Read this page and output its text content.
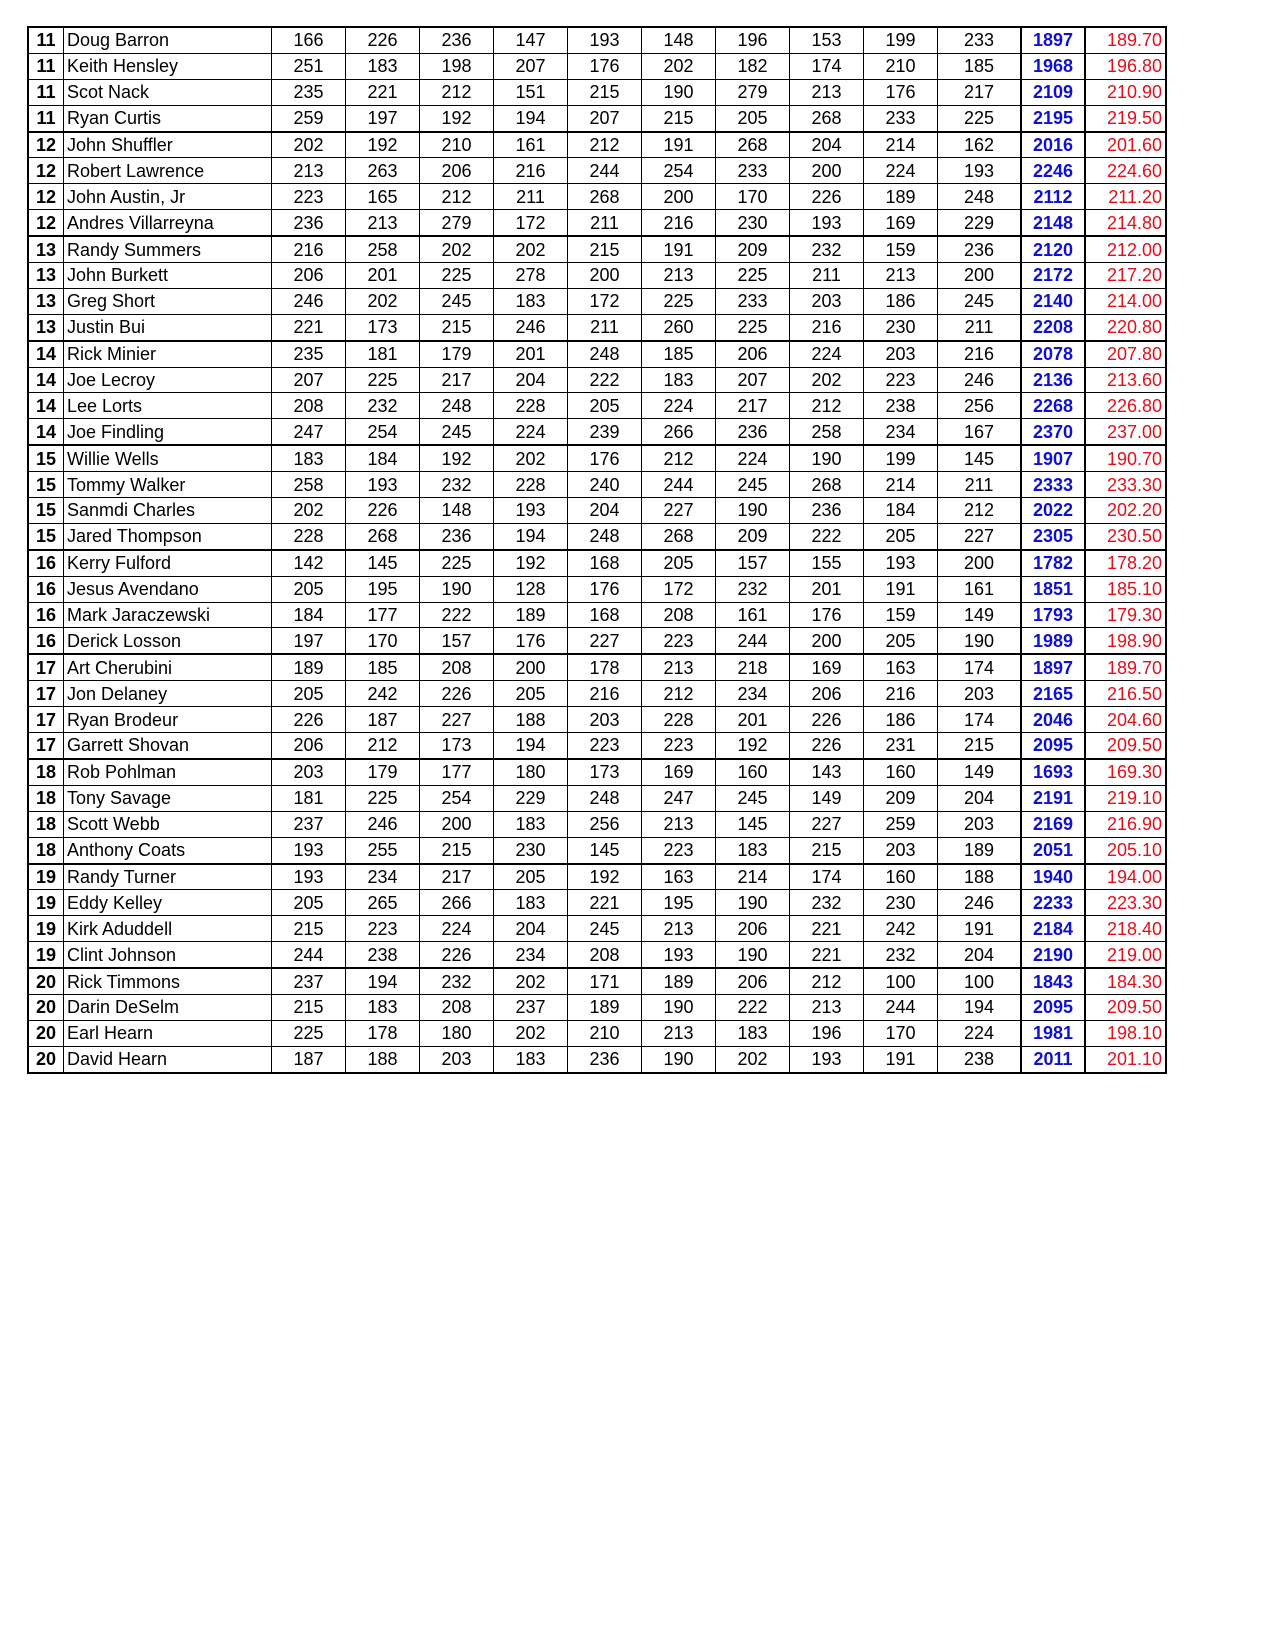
11	Doug Barron	166	226	236	147	193	148	196	153	199	233	1897	189.70
11	Keith Hensley	251	183	198	207	176	202	182	174	210	185	1968	196.80
11	Scot Nack	235	221	212	151	215	190	279	213	176	217	2109	210.90
11	Ryan Curtis	259	197	192	194	207	215	205	268	233	225	2195	219.50
12	John Shuffler	202	192	210	161	212	191	268	204	214	162	2016	201.60
12	Robert Lawrence	213	263	206	216	244	254	233	200	224	193	2246	224.60
12	John Austin, Jr	223	165	212	211	268	200	170	226	189	248	2112	211.20
12	Andres Villarreyna	236	213	279	172	211	216	230	193	169	229	2148	214.80
13	Randy Summers	216	258	202	202	215	191	209	232	159	236	2120	212.00
13	John Burkett	206	201	225	278	200	213	225	211	213	200	2172	217.20
13	Greg Short	246	202	245	183	172	225	233	203	186	245	2140	214.00
13	Justin Bui	221	173	215	246	211	260	225	216	230	211	2208	220.80
14	Rick Minier	235	181	179	201	248	185	206	224	203	216	2078	207.80
14	Joe Lecroy	207	225	217	204	222	183	207	202	223	246	2136	213.60
14	Lee Lorts	208	232	248	228	205	224	217	212	238	256	2268	226.80
14	Joe Findling	247	254	245	224	239	266	236	258	234	167	2370	237.00
15	Willie Wells	183	184	192	202	176	212	224	190	199	145	1907	190.70
15	Tommy Walker	258	193	232	228	240	244	245	268	214	211	2333	233.30
15	Sanmdi Charles	202	226	148	193	204	227	190	236	184	212	2022	202.20
15	Jared Thompson	228	268	236	194	248	268	209	222	205	227	2305	230.50
16	Kerry Fulford	142	145	225	192	168	205	157	155	193	200	1782	178.20
16	Jesus Avendano	205	195	190	128	176	172	232	201	191	161	1851	185.10
16	Mark Jaraczewski	184	177	222	189	168	208	161	176	159	149	1793	179.30
16	Derick Losson	197	170	157	176	227	223	244	200	205	190	1989	198.90
17	Art Cherubini	189	185	208	200	178	213	218	169	163	174	1897	189.70
17	Jon Delaney	205	242	226	205	216	212	234	206	216	203	2165	216.50
17	Ryan Brodeur	226	187	227	188	203	228	201	226	186	174	2046	204.60
17	Garrett Shovan	206	212	173	194	223	223	192	226	231	215	2095	209.50
18	Rob Pohlman	203	179	177	180	173	169	160	143	160	149	1693	169.30
18	Tony Savage	181	225	254	229	248	247	245	149	209	204	2191	219.10
18	Scott Webb	237	246	200	183	256	213	145	227	259	203	2169	216.90
18	Anthony Coats	193	255	215	230	145	223	183	215	203	189	2051	205.10
19	Randy Turner	193	234	217	205	192	163	214	174	160	188	1940	194.00
19	Eddy Kelley	205	265	266	183	221	195	190	232	230	246	2233	223.30
19	Kirk Aduddell	215	223	224	204	245	213	206	221	242	191	2184	218.40
19	Clint Johnson	244	238	226	234	208	193	190	221	232	204	2190	219.00
20	Rick Timmons	237	194	232	202	171	189	206	212	100	100	1843	184.30
20	Darin DeSelm	215	183	208	237	189	190	222	213	244	194	2095	209.50
20	Earl Hearn	225	178	180	202	210	213	183	196	170	224	1981	198.10
20	David Hearn	187	188	203	183	236	190	202	193	191	238	2011	201.10
